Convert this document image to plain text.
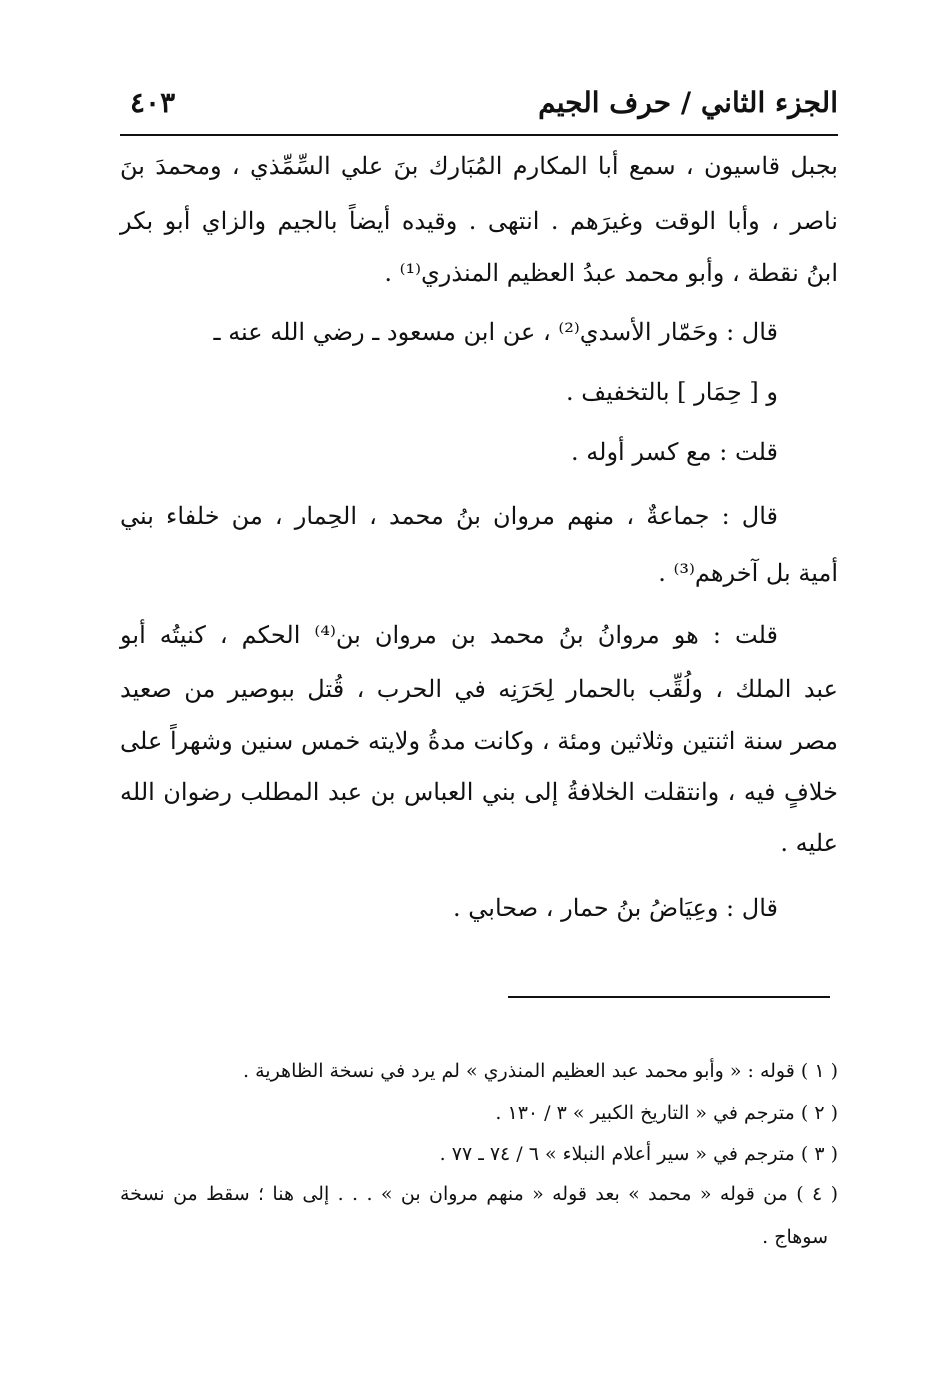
الجزء الثاني / حرف الجيم
٤٠٣
بجبل قاسيون ، سمع أبا المكارم المُبَارك بنَ علي السِّمِّذي ، ومحمدَ بنَ
ناصر ، وأبا الوقت وغيرَهم . انتهى . وقيده أيضاً بالجيم والزاي أبو بكر
ابنُ نقطة ، وأبو محمد عبدُ العظيم المنذري⁽¹⁾ .
قال : وحَمّار الأسدي⁽²⁾ ، عن ابن مسعود ـ رضي الله عنه ـ
و [ حِمَار ] بالتخفيف .
قلت : مع كسر أوله .
قال : جماعةٌ ، منهم مروان بنُ محمد ، الحِمار ، من خلفاء بني
أمية بل آخرهم⁽³⁾ .
قلت : هو مروانُ بنُ محمد بن مروان بن⁽⁴⁾ الحكم ، كنيتُه أبو
عبد الملك ، ولُقِّب بالحمار لِحَرَنِه في الحرب ، قُتل ببوصير من صعيد
مصر سنة اثنتين وثلاثين ومئة ، وكانت مدةُ ولايته خمس سنين وشهراً على
خلافٍ فيه ، وانتقلت الخلافةُ إلى بني العباس بن عبد المطلب رضوان الله
عليه .
قال : وعِيَاضُ بنُ حمار ، صحابي .
( ١ ) قوله : « وأبو محمد عبد العظيم المنذري » لم يرد في نسخة الظاهرية .
( ٢ ) مترجم في « التاريخ الكبير » ٣ / ١٣٠ .
( ٣ ) مترجم في « سير أعلام النبلاء » ٦ / ٧٤ ـ ٧٧ .
( ٤ ) من قوله « محمد » بعد قوله « منهم مروان بن » . . . إلى هنا ؛ سقط من نسخة
سوهاج .
